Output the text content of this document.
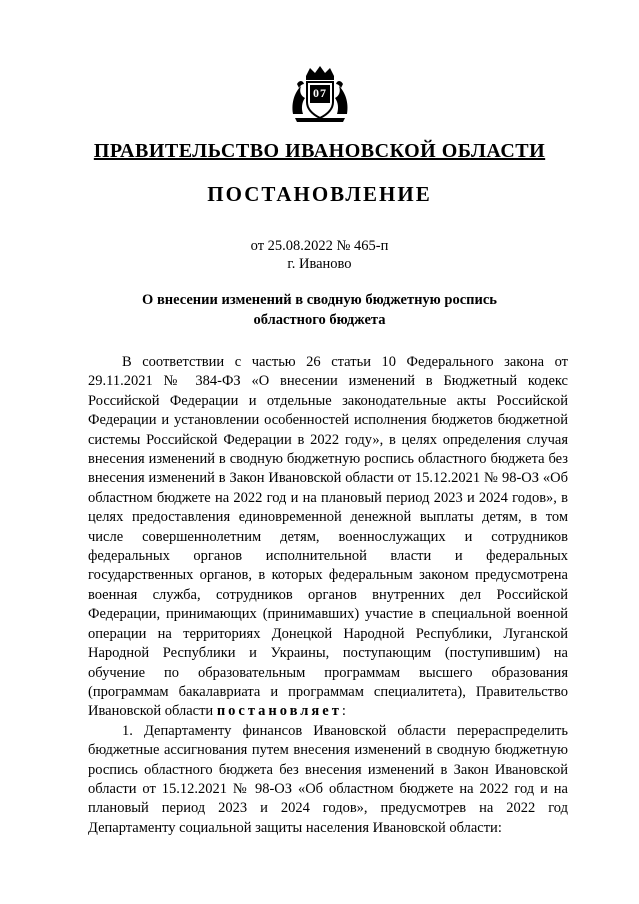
07
ПРАВИТЕЛЬСТВО ИВАНОВСКОЙ ОБЛАСТИ
ПОСТАНОВЛЕНИЕ
от 25.08.2022 № 465-п
г. Иваново
О внесении изменений в сводную бюджетную роспись
областного бюджета

В соответствии с частью 26 статьи 10 Федерального закона от 29.11.2021 № 384-ФЗ «О внесении изменений в Бюджетный кодекс Российской Федерации и отдельные законодательные акты Российской Федерации и установлении особенностей исполнения бюджетов бюджетной системы Российской Федерации в 2022 году», в целях определения случая внесения изменений в сводную бюджетную роспись областного бюджета без внесения изменений в Закон Ивановской области от 15.12.2021 № 98-ОЗ «Об областном бюджете на 2022 год и на плановый период 2023 и 2024 годов», в целях предоставления единовременной денежной выплаты детям, в том числе совершеннолетним детям, военнослужащих и сотрудников федеральных органов исполнительной власти и федеральных государственных органов, в которых федеральным законом предусмотрена военная служба, сотрудников органов внутренних дел Российской Федерации, принимающих (принимавших) участие в специальной военной операции на территориях Донецкой Народной Республики, Луганской Народной Республики и Украины, поступающим (поступившим) на обучение по образовательным программам высшего образования (программам бакалавриата и программам специалитета), Правительство Ивановской области постановляет:

1. Департаменту финансов Ивановской области перераспределить бюджетные ассигнования путем внесения изменений в сводную бюджетную роспись областного бюджета без внесения изменений в Закон Ивановской области от 15.12.2021 № 98-ОЗ «Об областном бюджете на 2022 год и на плановый период 2023 и 2024 годов», предусмотрев на 2022 год Департаменту социальной защиты населения Ивановской области:
